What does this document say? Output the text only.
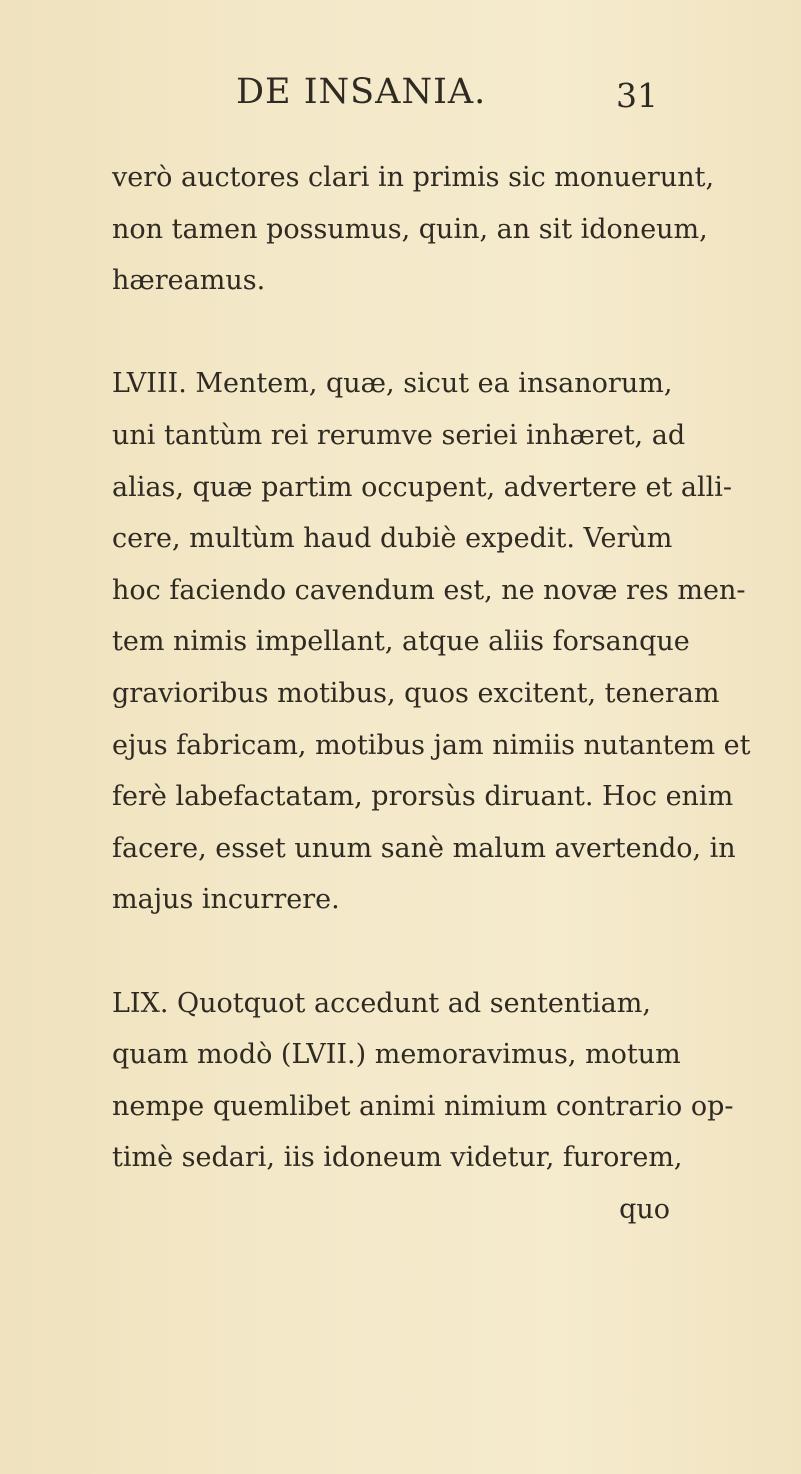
DE INSANIA.	31
verò auctores clari in primis sic monuerunt,
non tamen possumus, quin, an sit idoneum,
hæreamus.
LVIII. Mentem, quæ, sicut ea insanorum,
uni tantùm rei rerumve seriei inhæret, ad
alias, quæ partim occupent, advertere et alli-
cere, multùm haud dubiè expedit. Verùm
hoc faciendo cavendum est, ne novæ res men-
tem nimis impellant, atque aliis forsanque
gravioribus motibus, quos excitent, teneram
ejus fabricam, motibus jam nimiis nutantem et
ferè labefactatam, prorsùs diruant. Hoc enim
facere, esset unum sanè malum avertendo, in
majus incurrere.
LIX. Quotquot accedunt ad sententiam,
quam modò (LVII.) memoravimus, motum
nempe quemlibet animi nimium contrario op-
timè sedari, iis idoneum videtur, furorem,
quo
